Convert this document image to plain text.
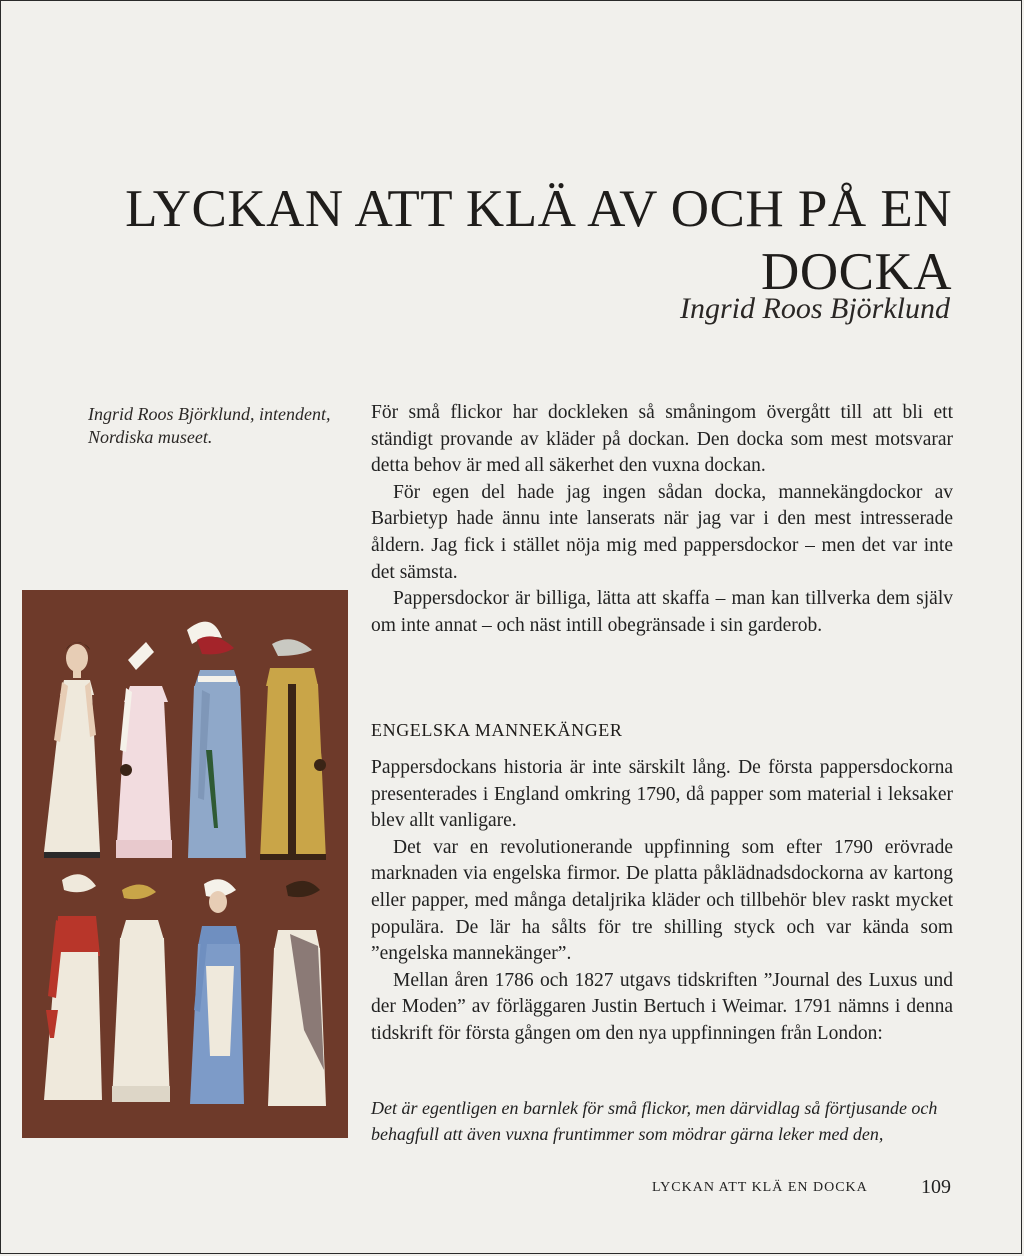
LYCKAN ATT KLÄ AV OCH PÅ EN
DOCKA
Ingrid Roos Björklund
Ingrid Roos Björklund, intendent,
Nordiska museet.

För små flickor har dockleken så småningom övergått till att bli ett ständigt provande av kläder på dockan. Den docka som mest motsvarar detta behov är med all säkerhet den vuxna dockan.

För egen del hade jag ingen sådan docka, mannekängdockor av Barbietyp hade ännu inte lanserats när jag var i den mest intresserade åldern. Jag fick i stället nöja mig med pappersdockor – men det var inte det sämsta.

Pappersdockor är billiga, lätta att skaffa – man kan tillverka dem själv om inte annat – och näst intill obegränsade i sin garderob.

ENGELSKA MANNEKÄNGER

Pappersdockans historia är inte särskilt lång. De första pappersdockorna presenterades i England omkring 1790, då papper som material i leksaker blev allt vanligare.

Det var en revolutionerande uppfinning som efter 1790 erövrade marknaden via engelska firmor. De platta påklädnadsdockorna av kartong eller papper, med många detaljrika kläder och tillbehör blev raskt mycket populära. De lär ha sålts för tre shilling styck och var kända som ”engelska mannekänger”.

Mellan åren 1786 och 1827 utgavs tidskriften ”Journal des Luxus und der Moden” av förläggaren Justin Bertuch i Weimar. 1791 nämns i denna tidskrift för första gången om den nya uppfinningen från London:

Det är egentligen en barnlek för små flickor, men därvidlag så förtjusande och behagfull att även vuxna fruntimmer som mödrar gärna leker med den,
LYCKAN ATT KLÄ EN DOCKA	109
